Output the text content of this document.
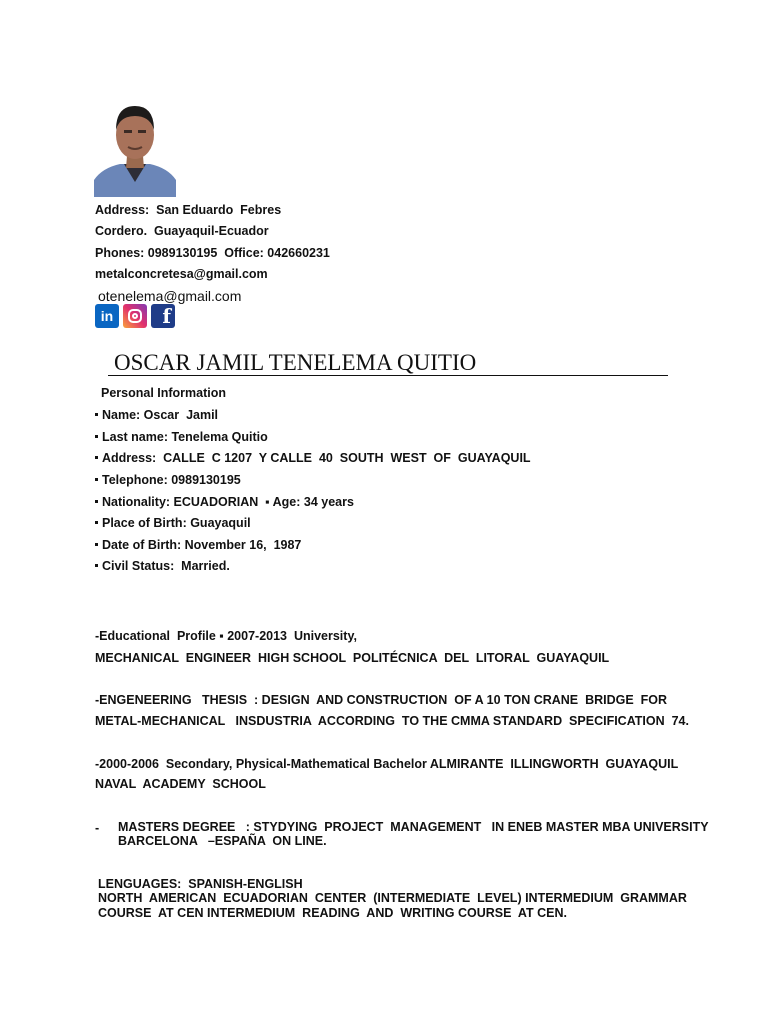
Address:  San Eduardo  Febres
Cordero.  Guayaquil-Ecuador
Phones: 0989130195  Office: 042660231
metalconcretesa@gmail.com
otenelema@gmail.com
in	f
OSCAR JAMIL TENELEMA QUITIO
Personal Information
Name: Oscar  Jamil
Last name: Tenelema Quitio
Address:  CALLE  C 1207  Y CALLE  40  SOUTH  WEST  OF  GUAYAQUIL
Telephone: 0989130195
Nationality: ECUADORIAN  ▪ Age: 34 years
Place of Birth: Guayaquil
Date of Birth: November 16,  1987
Civil Status:  Married.
-Educational  Profile ▪ 2007-2013  University,
MECHANICAL  ENGINEER  HIGH SCHOOL  POLITÉCNICA  DEL  LITORAL  GUAYAQUIL
-ENGENEERING   THESIS  : DESIGN  AND CONSTRUCTION  OF A 10 TON CRANE  BRIDGE  FOR
METAL-MECHANICAL   INSDUSTRIA  ACCORDING  TO THE CMMA STANDARD  SPECIFICATION  74.
-2000-2006  Secondary, Physical-Mathematical Bachelor ALMIRANTE  ILLINGWORTH  GUAYAQUIL
NAVAL  ACADEMY  SCHOOL
- MASTERS DEGREE   : STYDYING  PROJECT  MANAGEMENT   IN ENEB MASTER MBA UNIVERSITY
BARCELONA   –ESPAÑA  ON LINE.
LENGUAGES:  SPANISH-ENGLISH
NORTH  AMERICAN  ECUADORIAN  CENTER  (INTERMEDIATE  LEVEL) INTERMEDIUM  GRAMMAR
COURSE  AT CEN INTERMEDIUM  READING  AND  WRITING COURSE  AT CEN.
